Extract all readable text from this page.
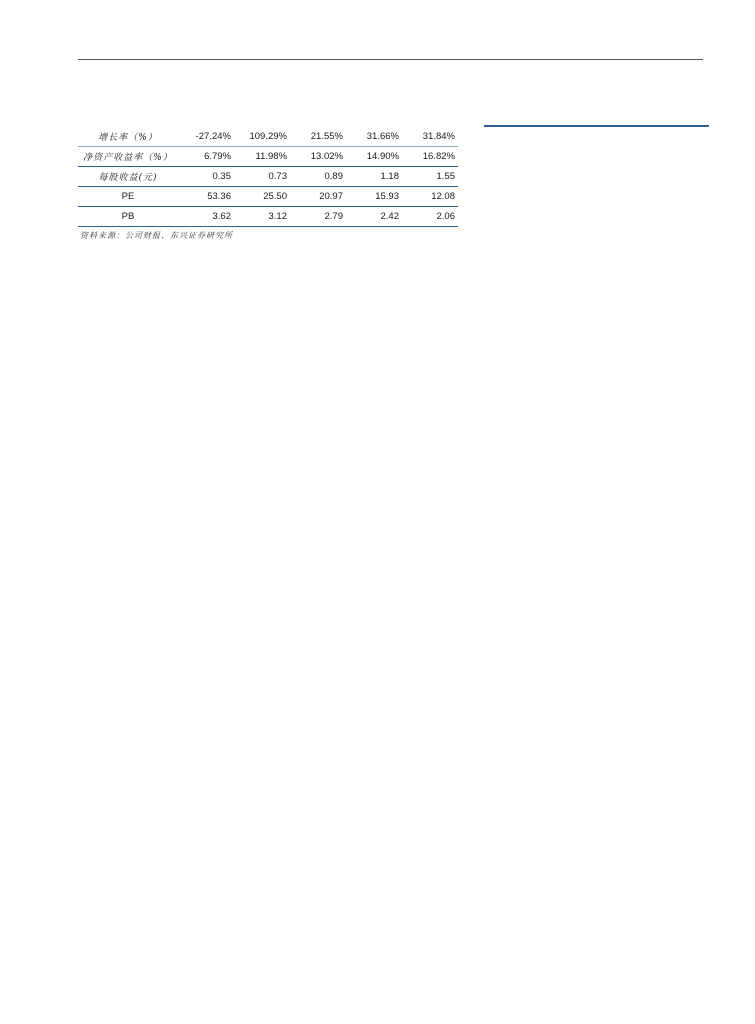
增长率（%）	-27.24%	109.29%	21.55%	31.66%	31.84%
净资产收益率（%）	6.79%	11.98%	13.02%	14.90%	16.82%
每股收益(元)	0.35	0.73	0.89	1.18	1.55
PE	53.36	25.50	20.97	15.93	12.08
PB	3.62	3.12	2.79	2.42	2.06
资料来源：公司财报、东兴证券研究所
